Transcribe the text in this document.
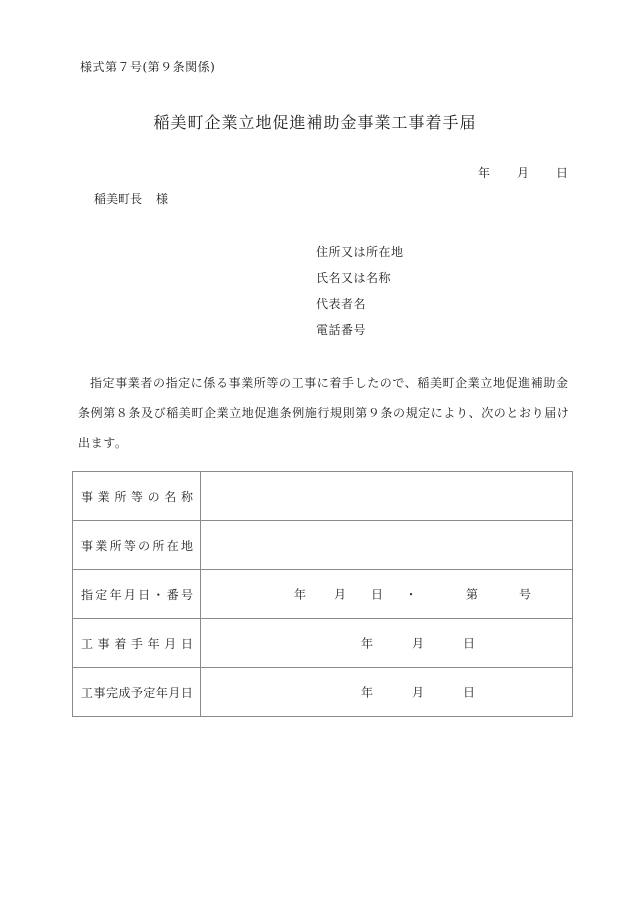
様式第７号(第９条関係)
稲美町企業立地促進補助金事業工事着手届
年 月 日
稲美町長 様
住所又は所在地
氏名又は名称
代表者名
電話番号
指定事業者の指定に係る事業所等の工事に着手したので、稲美町企業立地促進補助金条例第８条及び稲美町企業立地促進条例施行規則第９条の規定により、次のとおり届け出ます。
事 業 所 等 の 名 称

事 業 所 等 の 所 在 地

指 定 年 月 日 ・ 番 号	年 月 日 ・	第	号

工 事 着 手 年 月 日	年	月	日

工 事 完 成 予 定 年 月 日	年	月	日
